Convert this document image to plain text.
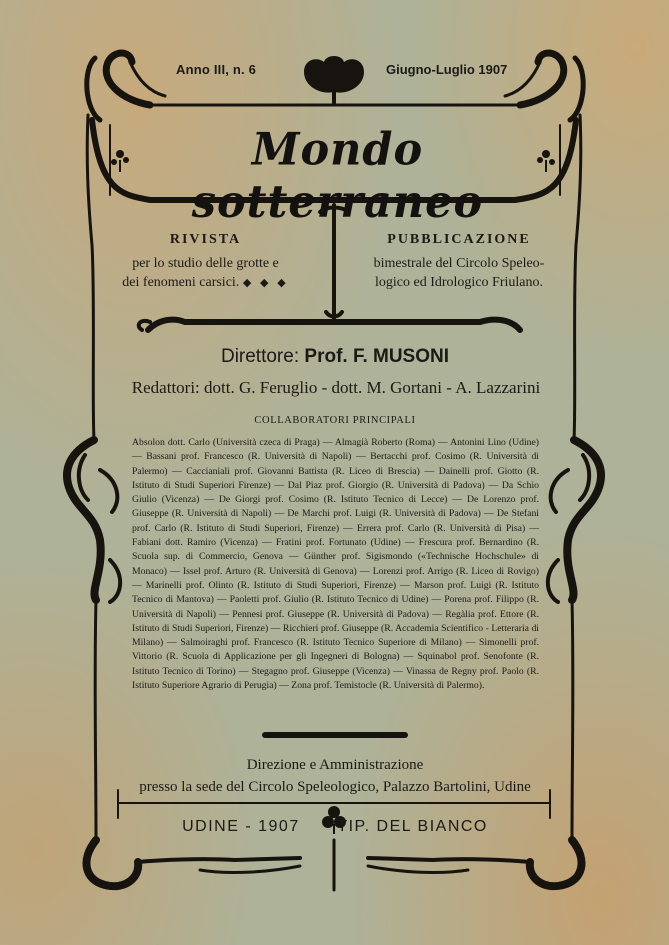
Anno III, n. 6	Giugno-Luglio 1907
Mondo sotterraneo
RIVISTA
per lo studio delle grotte e
dei fenomeni carsici. ◆ ◆ ◆
PUBBLICAZIONE
bimestrale del Circolo Speleo-
logico ed Idrologico Friulano.
Direttore: Prof. F. MUSONI
Redattori: dott. G. Feruglio - dott. M. Gortani - A. Lazzarini
COLLABORATORI PRINCIPALI

Absolon dott. Carlo (Università czeca di Praga) — Almagià Roberto (Roma) — Antonini Lino (Udine) — Bassani prof. Francesco (R. Università di Napoli) — Bertacchi prof. Cosimo (R. Università di Palermo) — Caccianiali prof. Giovanni Battista (R. Liceo di Brescia) — Dainelli prof. Giotto (R. Istituto di Studi Superiori Firenze) — Dal Piaz prof. Giorgio (R. Università di Padova) — Da Schio Giulio (Vicenza) — De Giorgi prof. Cosimo (R. Istituto Tecnico di Lecce) — De Lorenzo prof. Giuseppe (R. Università di Napoli) — De Marchi prof. Luigi (R. Università di Padova) — De Stefani prof. Carlo (R. Istituto di Studi Superiori, Firenze) — Errera prof. Carlo (R. Università di Pisa) — Fabiani dott. Ramiro (Vicenza) — Fratini prof. Fortunato (Udine) — Frescura prof. Bernardino (R. Scuola sup. di Commercio, Genova — Günther prof. Sigismondo («Technische Hochschule» di Monaco) — Issel prof. Arturo (R. Università di Genova) — Lorenzi prof. Arrigo (R. Liceo di Rovigo) — Marinelli prof. Olinto (R. Istituto di Studi Superiori, Firenze) — Marson prof. Luigi (R. Istituto Tecnico di Mantova) — Paoletti prof. Giulio (R. Istituto Tecnico di Udine) — Porena prof. Filippo (R. Università di Napoli) — Pennesi prof. Giuseppe (R. Università di Padova) — Regàlia prof. Ettore (R. Istituto di Studi Superiori, Firenze) — Ricchieri prof. Giuseppe (R. Accademia Scientifico - Letteraria di Milano) — Salmoiraghi prof. Francesco (R. Istituto Tecnico Superiore di Milano) — Simonelli prof. Vittorio (R. Scuola di Applicazione per gli Ingegneri di Bologna) — Squinabol prof. Senofonte (R. Istituto Tecnico di Torino) — Stegagno prof. Giuseppe (Vicenza) — Vinassa de Regny prof. Paolo (R. Istituto Superiore Agrario di Perugia) — Zona prof. Temistocle (R. Università di Palermo).

Direzione e Amministrazione
presso la sede del Circolo Speleologico, Palazzo Bartolini, Udine
UDINE - 1907 TIP. DEL BIANCO
